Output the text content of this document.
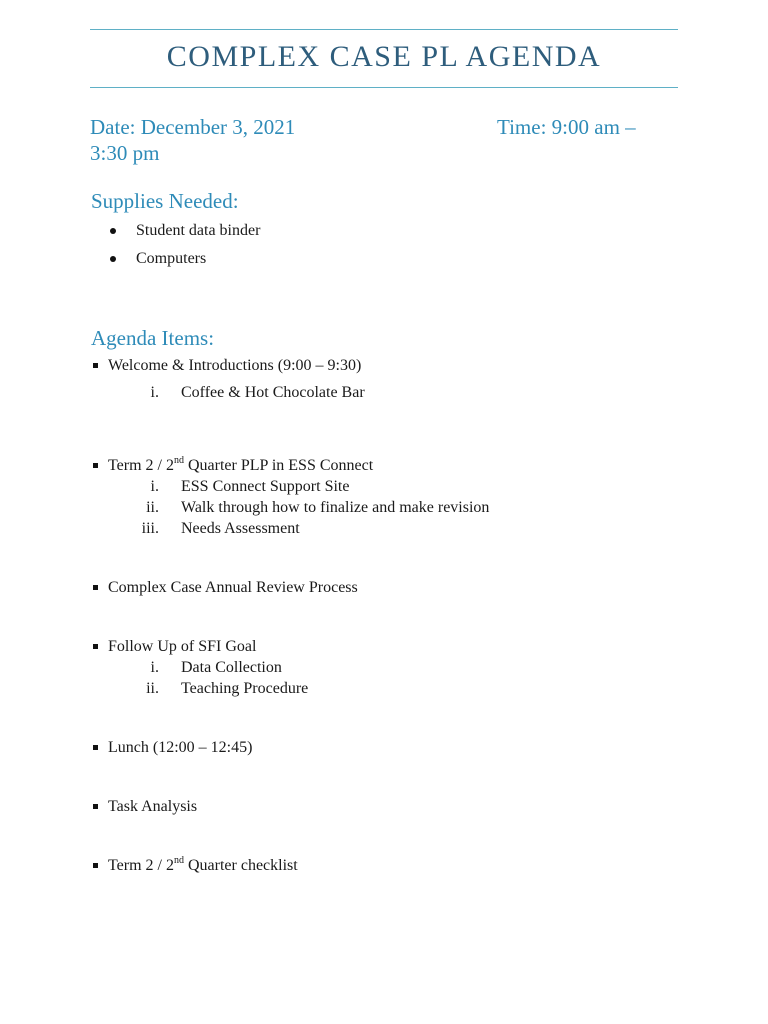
COMPLEX CASE PL AGENDA
Date: December 3, 2021	Time: 9:00 am –
3:30 pm
Supplies Needed:
Student data binder
Computers
Agenda Items:
Welcome & Introductions (9:00 – 9:30)
i. Coffee & Hot Chocolate Bar
Term 2 / 2nd Quarter PLP in ESS Connect
i. ESS Connect Support Site
ii. Walk through how to finalize and make revision
iii. Needs Assessment
Complex Case Annual Review Process
Follow Up of SFI Goal
i. Data Collection
ii. Teaching Procedure
Lunch (12:00 – 12:45)
Task Analysis
Term 2 / 2nd Quarter checklist
